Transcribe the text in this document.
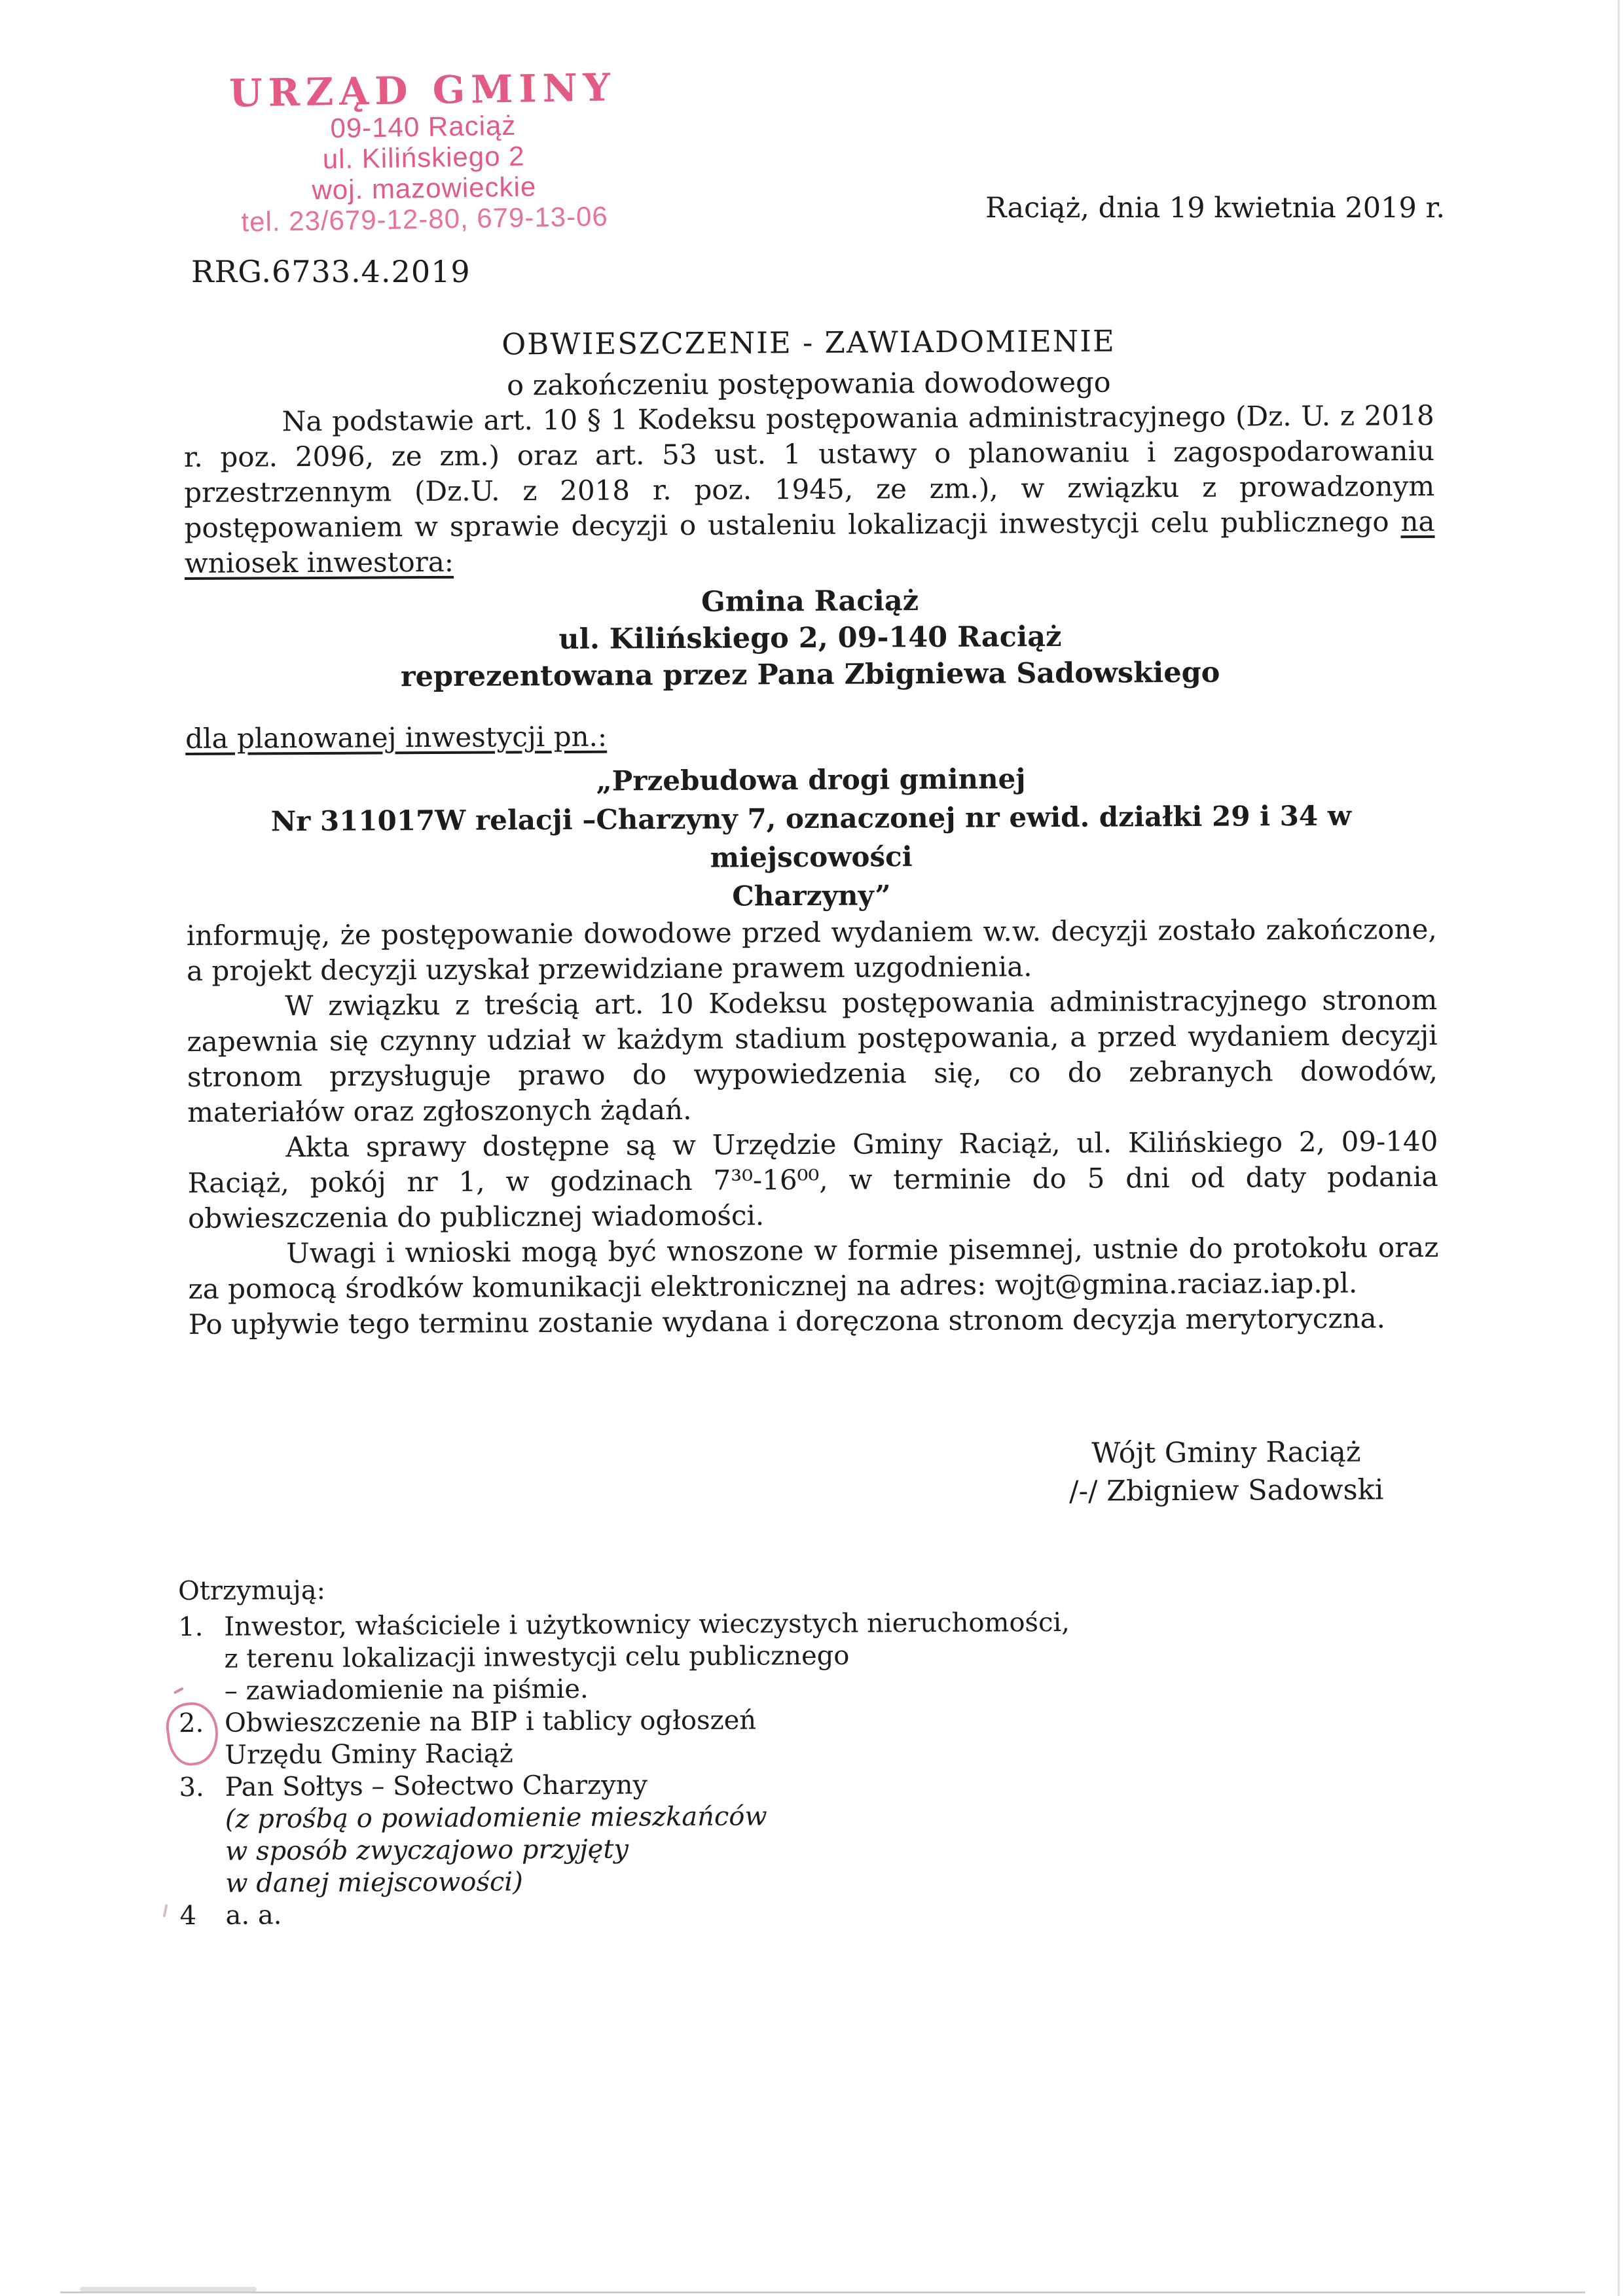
URZĄD GMINY
09-140 Raciąż
ul. Kilińskiego 2
woj. mazowieckie
tel. 23/679-12-80, 679-13-06	Raciąż, dnia 19 kwietnia 2019 r.
RRG.6733.4.2019
OBWIESZCZENIE - ZAWIADOMIENIE
o zakończeniu postępowania dowodowego

Na podstawie art. 10 § 1 Kodeksu postępowania administracyjnego (Dz. U. z 2018 r. poz. 2096, ze zm.) oraz art. 53 ust. 1 ustawy o planowaniu i zagospodarowaniu przestrzennym (Dz.U. z 2018 r. poz. 1945, ze zm.), w związku z prowadzonym postępowaniem w sprawie decyzji o ustaleniu lokalizacji inwestycji celu publicznego na wniosek inwestora:

Gmina Raciąż
ul. Kilińskiego 2, 09-140 Raciąż
reprezentowana przez Pana Zbigniewa Sadowskiego
dla planowanej inwestycji pn.:
„Przebudowa drogi gminnej
Nr 311017W relacji –Charzyny 7, oznaczonej nr ewid. działki 29 i 34 w miejscowości
Charzyny”

informuję, że postępowanie dowodowe przed wydaniem w.w. decyzji zostało zakończone, a projekt decyzji uzyskał przewidziane prawem uzgodnienia.

W związku z treścią art. 10 Kodeksu postępowania administracyjnego stronom zapewnia się czynny udział w każdym stadium postępowania, a przed wydaniem decyzji stronom przysługuje prawo do wypowiedzenia się, co do zebranych dowodów, materiałów oraz zgłoszonych żądań.

Akta sprawy dostępne są w Urzędzie Gminy Raciąż, ul. Kilińskiego 2, 09-140 Raciąż, pokój nr 1, w godzinach 7³⁰-16⁰⁰, w terminie do 5 dni od daty podania obwieszczenia do publicznej wiadomości.

Uwagi i wnioski mogą być wnoszone w formie pisemnej, ustnie do protokołu oraz za pomocą środków komunikacji elektronicznej na adres: wojt@gmina.raciaz.iap.pl.

Po upływie tego terminu zostanie wydana i doręczona stronom decyzja merytoryczna.

Wójt Gminy Raciąż
/-/ Zbigniew Sadowski
Otrzymują:
1. Inwestor, właściciele i użytkownicy wieczystych nieruchomości,
z terenu lokalizacji inwestycji celu publicznego
– zawiadomienie na piśmie.
2. Obwieszczenie na BIP i tablicy ogłoszeń
Urzędu Gminy Raciąż
3. Pan Sołtys – Sołectwo Charzyny
(z prośbą o powiadomienie mieszkańców
w sposób zwyczajowo przyjęty
w danej miejscowości)
4	a. a.
